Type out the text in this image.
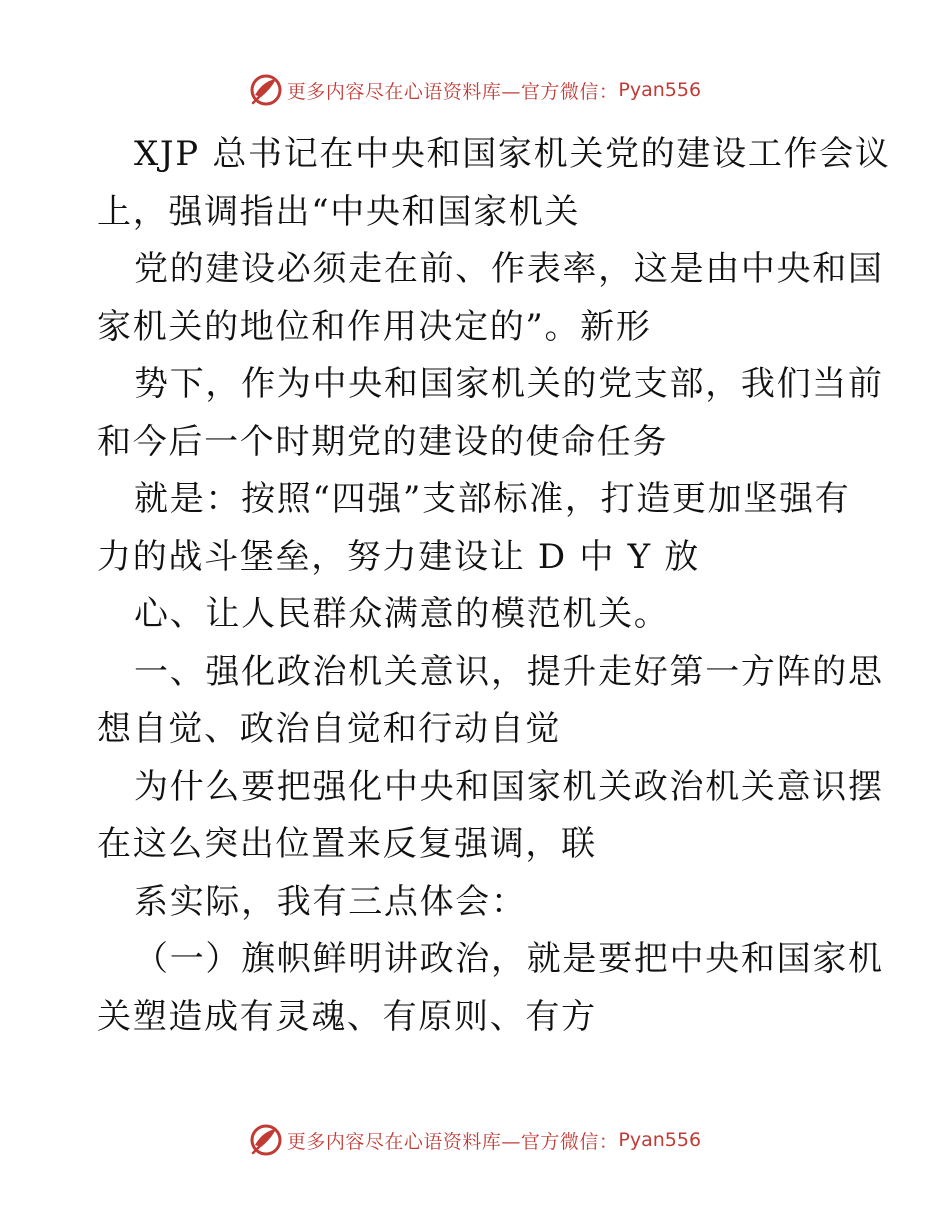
更多内容尽在心语资料库—官方微信： Pyan556
XJP 总书记在中央和国家机关党的建设工作会议
上，强调指出“中央和国家机关
党的建设必须走在前、作表率，这是由中央和国
家机关的地位和作用决定的”。新形
势下，作为中央和国家机关的党支部，我们当前
和今后一个时期党的建设的使命任务
就是：按照“四强”支部标准，打造更加坚强有
力的战斗堡垒，努力建设让 D 中 Y 放
心、让人民群众满意的模范机关。
一、强化政治机关意识，提升走好第一方阵的思
想自觉、政治自觉和行动自觉
为什么要把强化中央和国家机关政治机关意识摆
在这么突出位置来反复强调，联
系实际，我有三点体会：
（一）旗帜鲜明讲政治，就是要把中央和国家机
关塑造成有灵魂、有原则、有方
更多内容尽在心语资料库—官方微信： Pyan556
